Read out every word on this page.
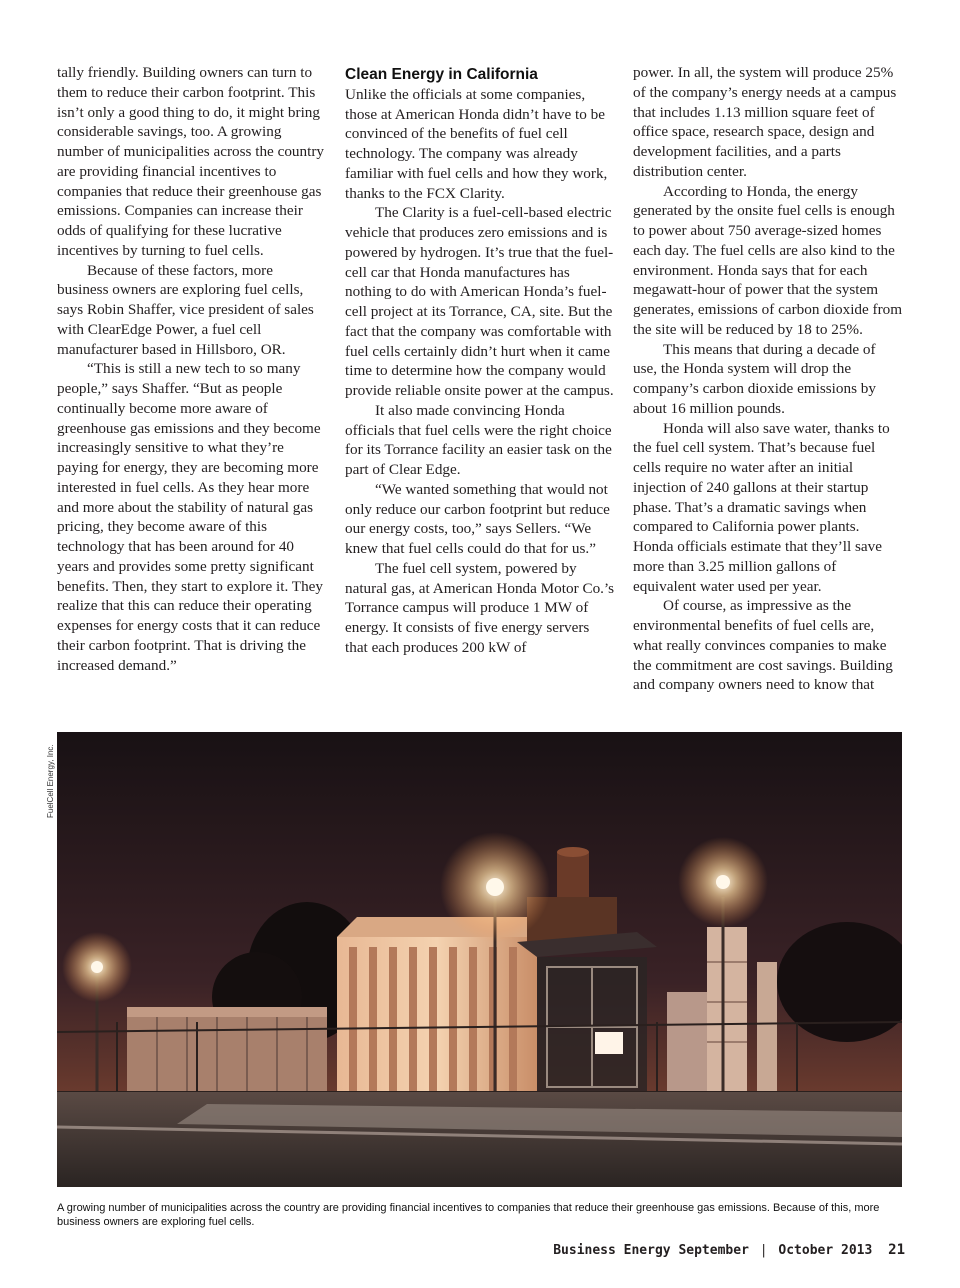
tally friendly. Building owners can turn to them to reduce their carbon footprint. This isn’t only a good thing to do, it might bring considerable savings, too. A growing number of municipalities across the country are providing financial incentives to companies that reduce their greenhouse gas emissions. Companies can increase their odds of qualifying for these lucrative incentives by turning to fuel cells.

Because of these factors, more business owners are exploring fuel cells, says Robin Shaffer, vice president of sales with ClearEdge Power, a fuel cell manufacturer based in Hillsboro, OR.

“This is still a new tech to so many people,” says Shaffer. “But as people continually become more aware of greenhouse gas emissions and they become increasingly sensitive to what they’re paying for energy, they are becoming more interested in fuel cells. As they hear more and more about the stability of natural gas pricing, they become aware of this technology that has been around for 40 years and provides some pretty significant benefits. Then, they start to explore it. They realize that this can reduce their operating expenses for energy costs that it can reduce their carbon footprint. That is driving the increased demand.”

Clean Energy in California

Unlike the officials at some companies, those at American Honda didn’t have to be convinced of the benefits of fuel cell technology. The company was already familiar with fuel cells and how they work, thanks to the FCX Clarity.

The Clarity is a fuel-cell-based electric vehicle that produces zero emissions and is powered by hydrogen. It’s true that the fuel-cell car that Honda manufactures has nothing to do with American Honda’s fuel-cell project at its Torrance, CA, site. But the fact that the company was comfortable with fuel cells certainly didn’t hurt when it came time to determine how the company would provide reliable onsite power at the campus.

It also made convincing Honda officials that fuel cells were the right choice for its Torrance facility an easier task on the part of Clear Edge.

“We wanted something that would not only reduce our carbon footprint but reduce our energy costs, too,” says Sellers. “We knew that fuel cells could do that for us.”

The fuel cell system, powered by natural gas, at American Honda Motor Co.’s Torrance campus will produce 1 MW of energy. It consists of five energy servers that each produces 200 kW of

power. In all, the system will produce 25% of the company’s energy needs at a campus that includes 1.13 million square feet of office space, research space, design and development facilities, and a parts distribution center.

According to Honda, the energy generated by the onsite fuel cells is enough to power about 750 average-sized homes each day. The fuel cells are also kind to the environment. Honda says that for each megawatt-hour of power that the system generates, emissions of carbon dioxide from the site will be reduced by 18 to 25%.

This means that during a decade of use, the Honda system will drop the company’s carbon dioxide emissions by about 16 million pounds.

Honda will also save water, thanks to the fuel cell system. That’s because fuel cells require no water after an initial injection of 240 gallons at their startup phase. That’s a dramatic savings when compared to California power plants. Honda officials estimate that they’ll save more than 3.25 million gallons of equivalent water used per year.

Of course, as impressive as the environmental benefits of fuel cells are, what really convinces companies to make the commitment are cost savings. Building and company owners need to know that

FuelCell Energy, Inc.
A growing number of municipalities across the country are providing financial incentives to companies that reduce their greenhouse gas emissions. Because of this, more business owners are exploring fuel cells.
Business Energy September | October 2013 21
